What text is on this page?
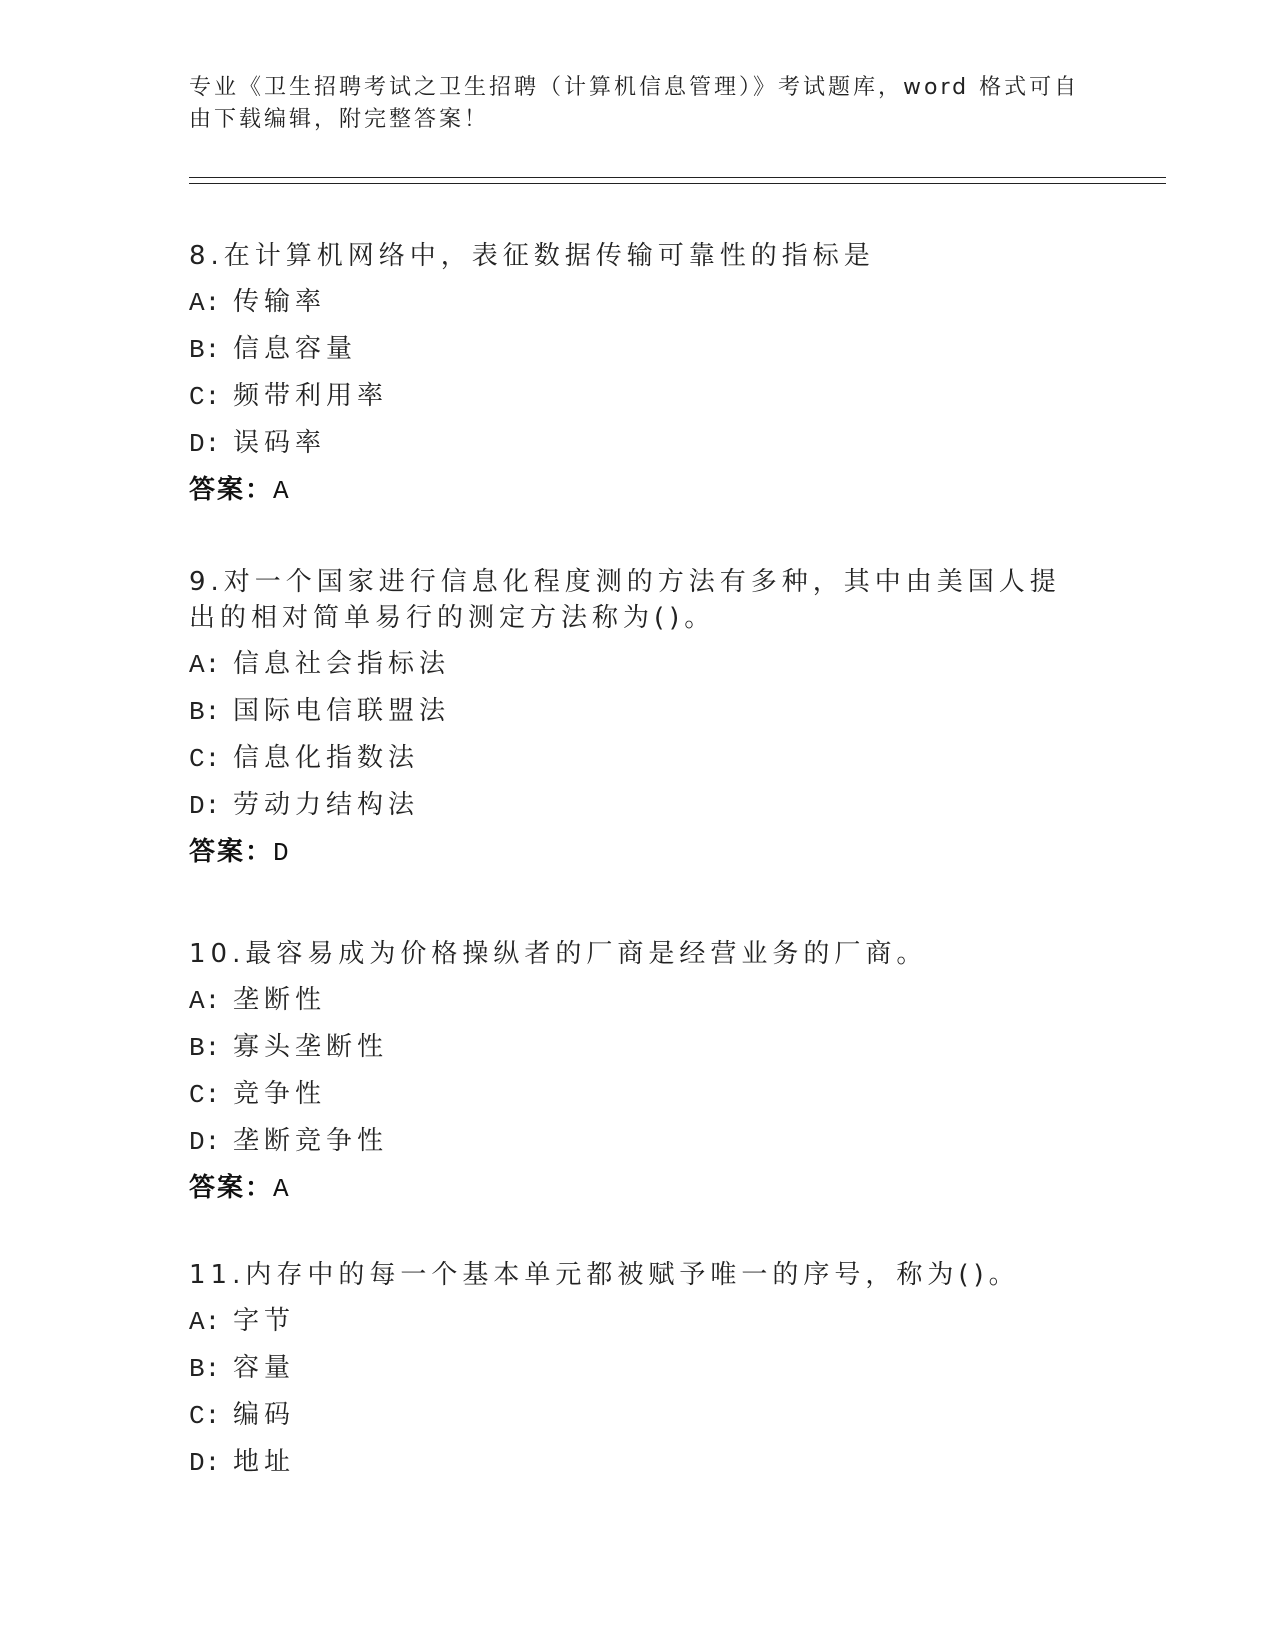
专业《卫生招聘考试之卫生招聘（计算机信息管理）》考试题库，word 格式可自由下载编辑，附完整答案！

8.在计算机网络中，表征数据传输可靠性的指标是

A: 传输率
B: 信息容量
C: 频带利用率
D: 误码率
答案：A

9.对一个国家进行信息化程度测的方法有多种，其中由美国人提出的相对简单易行的测定方法称为()。

A: 信息社会指标法
B: 国际电信联盟法
C: 信息化指数法
D: 劳动力结构法
答案：D

10.最容易成为价格操纵者的厂商是经营业务的厂商。

A: 垄断性
B: 寡头垄断性
C: 竞争性
D: 垄断竞争性
答案：A

11.内存中的每一个基本单元都被赋予唯一的序号，称为()。

A: 字节
B: 容量
C: 编码
D: 地址
